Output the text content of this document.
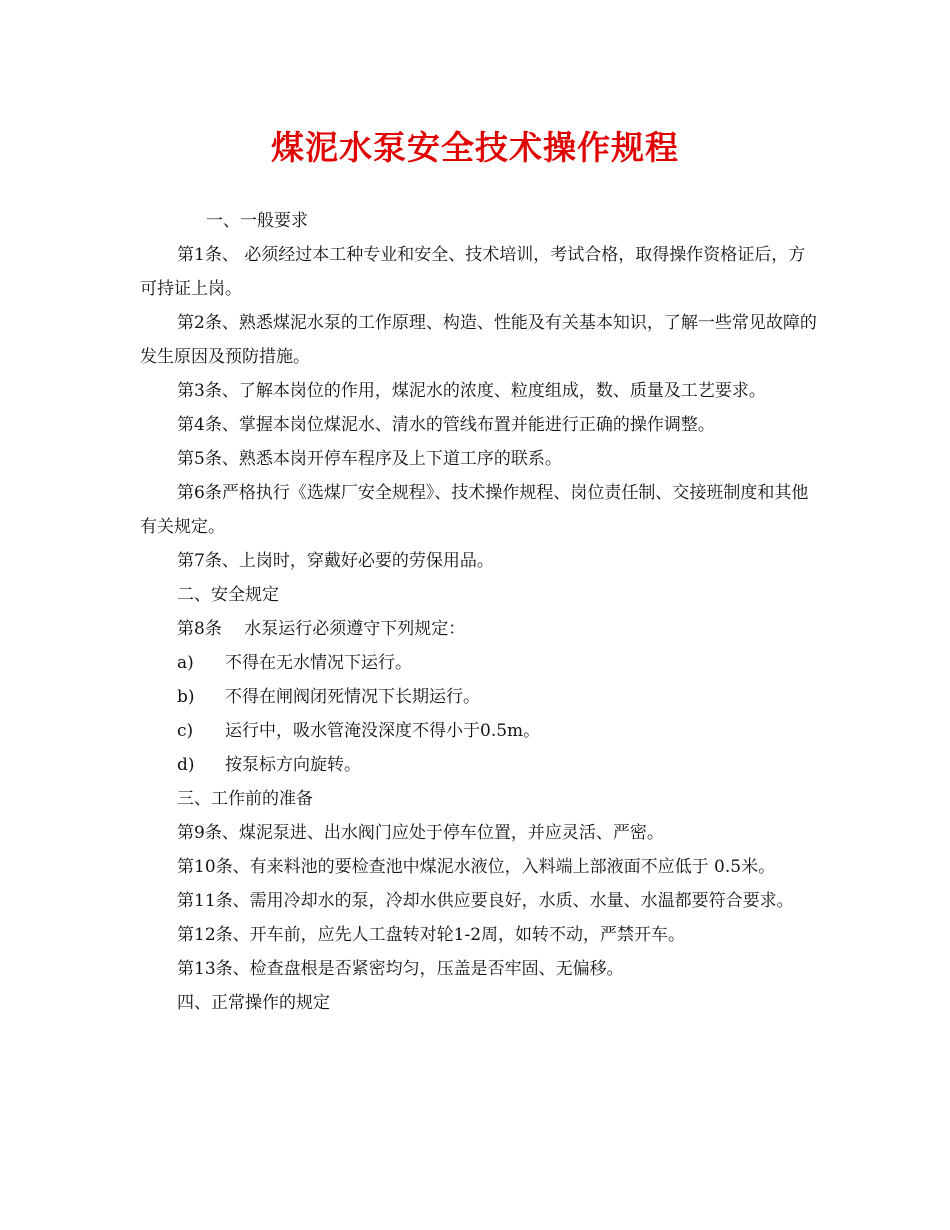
煤泥水泵安全技术操作规程

一、一般要求

第1条、 必须经过本工种专业和安全、技术培训，考试合格，取得操作资格证后，方可持证上岗。

第2条、熟悉煤泥水泵的工作原理、构造、性能及有关基本知识，了解一些常见故障的发生原因及预防措施。

第3条、了解本岗位的作用，煤泥水的浓度、粒度组成，数、质量及工艺要求。

第4条、掌握本岗位煤泥水、清水的管线布置并能进行正确的操作调整。

第5条、熟悉本岗开停车程序及上下道工序的联系。

第6条严格执行《选煤厂安全规程》、技术操作规程、岗位责任制、交接班制度和其他有关规定。

第7条、上岗时，穿戴好必要的劳保用品。

二、安全规定

第8条　 水泵运行必须遵守下列规定：

a)	不得在无水情况下运行。
b)	不得在闸阀闭死情况下长期运行。
c)	运行中，吸水管淹没深度不得小于0.5m。
d)	按泵标方向旋转。

三、工作前的准备

第9条、煤泥泵进、出水阀门应处于停车位置，并应灵活、严密。

第10条、有来料池的要检查池中煤泥水液位，入料端上部液面不应低于 0.5米。

第11条、需用冷却水的泵，冷却水供应要良好，水质、水量、水温都要符合要求。

第12条、开车前，应先人工盘转对轮1-2周，如转不动，严禁开车。

第13条、检查盘根是否紧密均匀，压盖是否牢固、无偏移。

四、正常操作的规定
